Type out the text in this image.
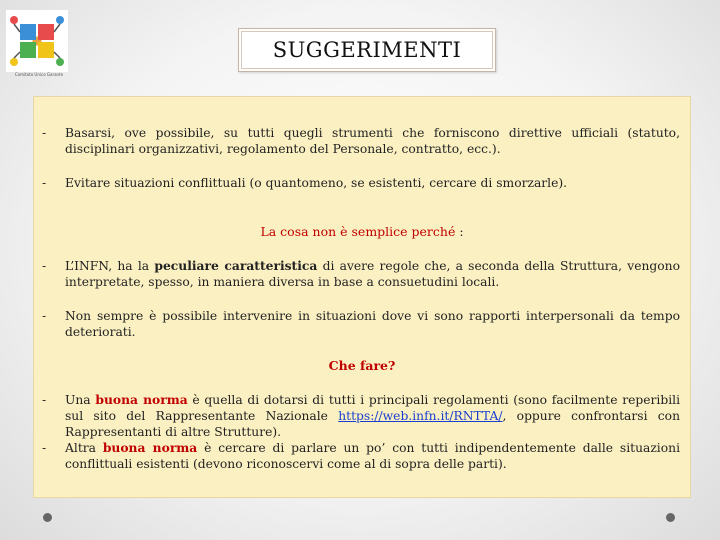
Comitato Unico Garante
SUGGERIMENTI
- Basarsi, ove possibile, su tutti quegli strumenti che forniscono direttive ufficiali (statuto, disciplinari organizzativi, regolamento del Personale, contratto, ecc.).
- Evitare situazioni conflittuali (o quantomeno, se esistenti, cercare di smorzarle).
La cosa non è semplice perché :
- L’INFN, ha la peculiare caratteristica di avere regole che, a seconda della Struttura, vengono interpretate, spesso, in maniera diversa in base a consuetudini locali.
- Non sempre è possibile intervenire in situazioni dove vi sono rapporti interpersonali da tempo deteriorati.
Che fare?
- Una buona norma è quella di dotarsi di tutti i principali regolamenti (sono facilmente reperibili sul sito del Rappresentante Nazionale https://web.infn.it/RNTTA/, oppure confrontarsi con Rappresentanti di altre Strutture).
- Altra buona norma è cercare di parlare un po’ con tutti indipendentemente dalle situazioni conflittuali esistenti (devono riconoscervi come al di sopra delle parti).
